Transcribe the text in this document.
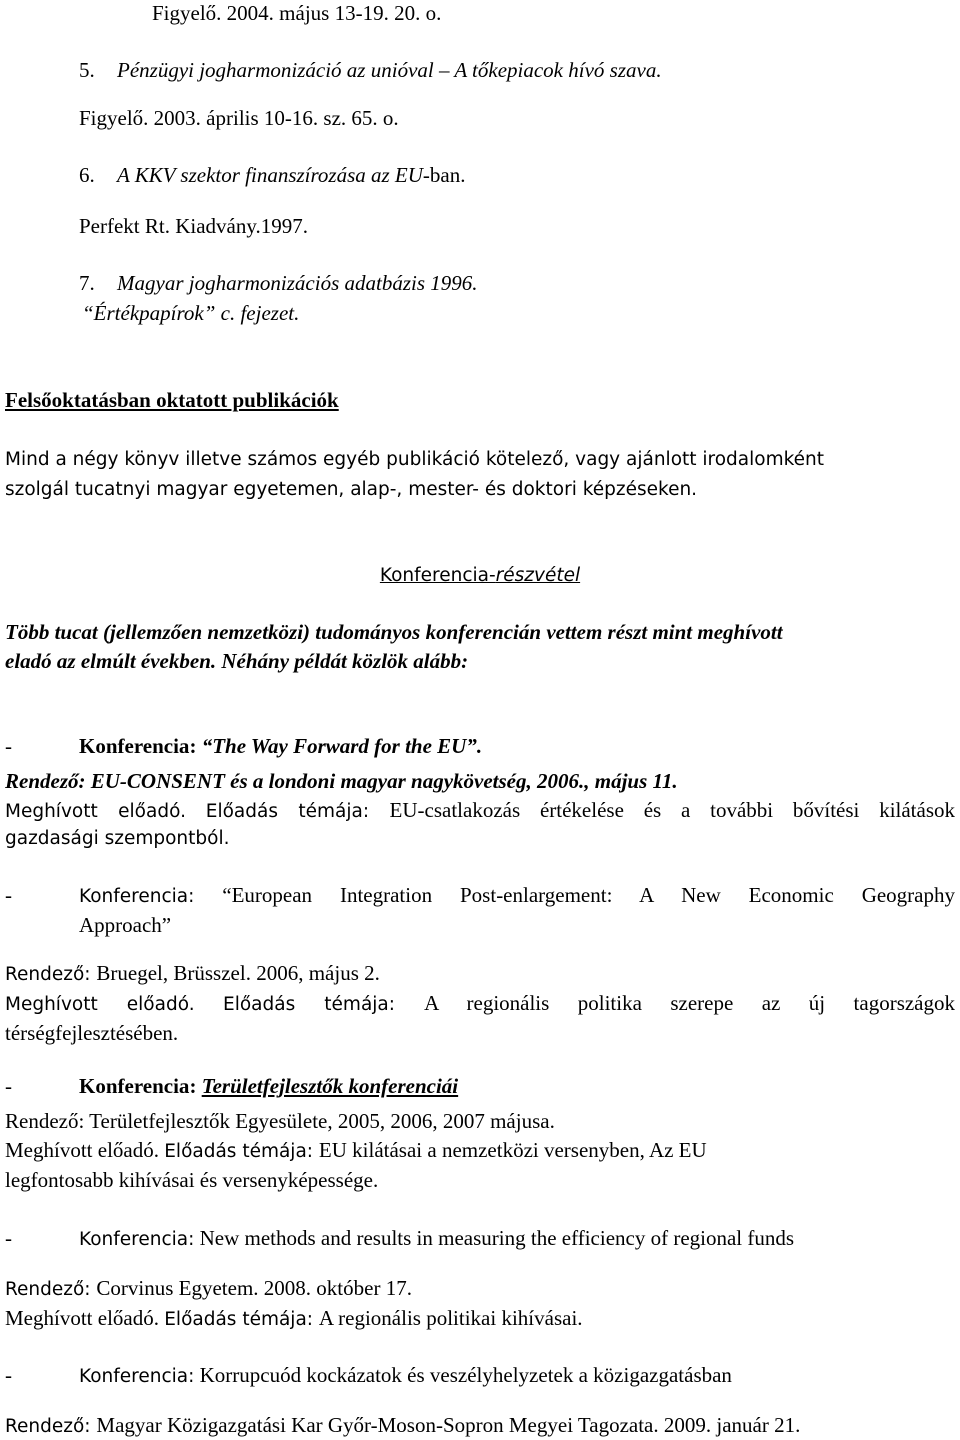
Figyelő. 2004. május 13-19. 20. o.
5. Pénzügyi jogharmonizáció az unióval – A tőkepiacok hívó szava.
Figyelő. 2003. április 10-16. sz. 65. o.
6. A KKV szektor finanszírozása az EU-ban.
Perfekt Rt. Kiadvány.1997.
7. Magyar jogharmonizációs adatbázis 1996.
“Értékpapírok” c. fejezet.
Felsőoktatásban oktatott publikációk
Mind a négy könyv illetve számos egyéb publikáció kötelező, vagy ajánlott irodalomként
szolgál tucatnyi magyar egyetemen, alap-, mester- és doktori képzéseken.
Konferencia-részvétel
Több tucat (jellemzően nemzetközi) tudományos konferencián vettem részt mint meghívott
eladó az elmúlt években. Néhány példát közlök alább:
-	Konferencia: “The Way Forward for the EU”.
Rendező: EU-CONSENT és a londoni magyar nagykövetség, 2006., május 11.
Meghívott előadó. Előadás témája: EU-csatlakozás értékelése és a további bővítési kilátások
gazdasági szempontból.
-	Konferencia: “European Integration Post-enlargement: A New Economic Geography
Approach”
Rendező: Bruegel, Brüsszel. 2006, május 2.
Meghívott előadó. Előadás témája: A regionális politika szerepe az új tagországok
térségfejlesztésében.
-	Konferencia: Területfejlesztők konferenciái
Rendező: Területfejlesztők Egyesülete, 2005, 2006, 2007 májusa.
Meghívott előadó. Előadás témája: EU kilátásai a nemzetközi versenyben, Az EU
legfontosabb kihívásai és versenyképessége.
-	Konferencia: New methods and results in measuring the efficiency of regional funds
Rendező: Corvinus Egyetem. 2008. október 17.
Meghívott előadó. Előadás témája: A regionális politikai kihívásai.
-	Konferencia: Korrupcuód kockázatok és veszélyhelyzetek a közigazgatásban
Rendező: Magyar Közigazgatási Kar Győr-Moson-Sopron Megyei Tagozata. 2009. január 21.
